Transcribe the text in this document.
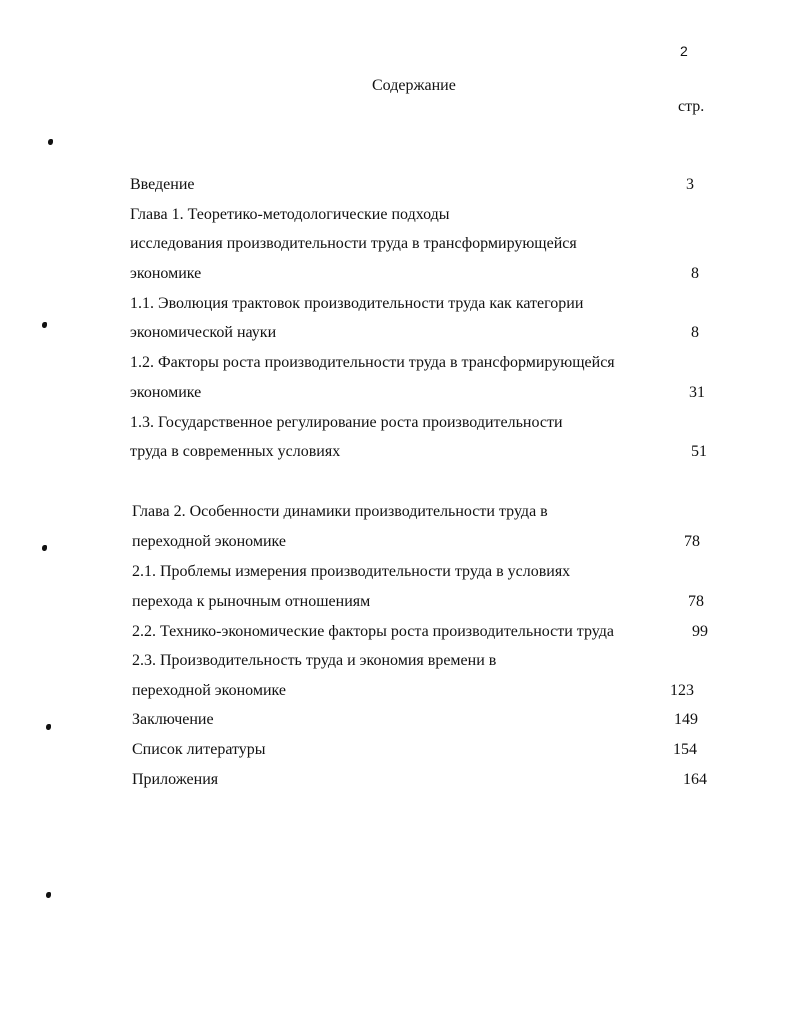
2
Содержание
стр.
Введение	3
Глава 1. Теоретико-методологические подходы
исследования производительности труда в трансформирующейся
экономике	8
1.1. Эволюция трактовок производительности труда как категории
экономической науки	8
1.2. Факторы роста производительности труда в трансформирующейся
экономике	31
1.3. Государственное регулирование роста производительности
труда в современных условиях	51
Глава 2. Особенности динамики производительности труда в
переходной экономике	78
2.1. Проблемы измерения производительности труда в условиях
перехода к рыночным отношениям	78
2.2. Технико-экономические факторы роста производительности труда	99
2.3. Производительность труда и экономия времени в
переходной экономике	123
Заключение	149
Список литературы	154
Приложения	164
